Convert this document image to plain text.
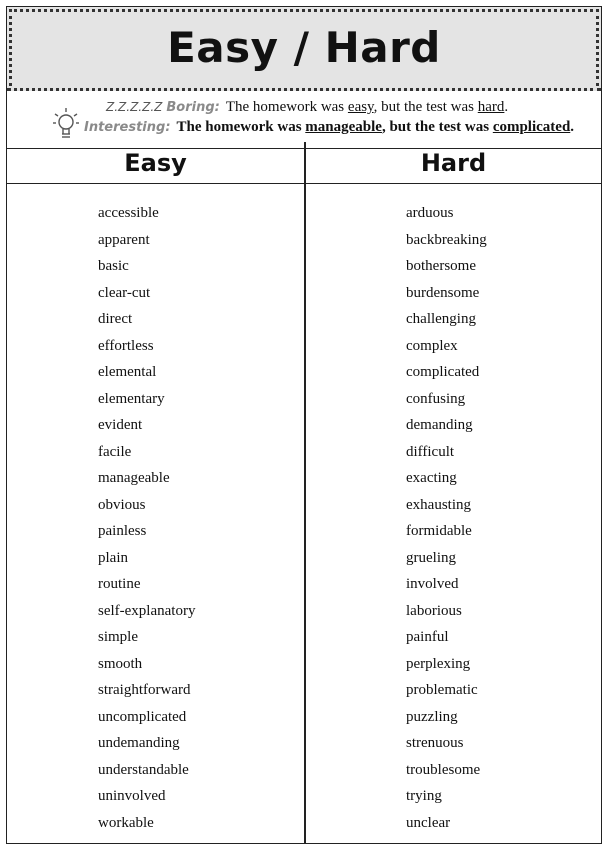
Easy / Hard
Z.Z.Z.Z.Z Boring: The homework was easy, but the test was hard.
Interesting: The homework was manageable, but the test was complicated.
Easy	Hard
accessible
apparent
basic
clear-cut
direct
effortless
elemental
elementary
evident
facile
manageable
obvious
painless
plain
routine
self-explanatory
simple
smooth
straightforward
uncomplicated
undemanding
understandable
uninvolved
workable
arduous
backbreaking
bothersome
burdensome
challenging
complex
complicated
confusing
demanding
difficult
exacting
exhausting
formidable
grueling
involved
laborious
painful
perplexing
problematic
puzzling
strenuous
troublesome
trying
unclear
